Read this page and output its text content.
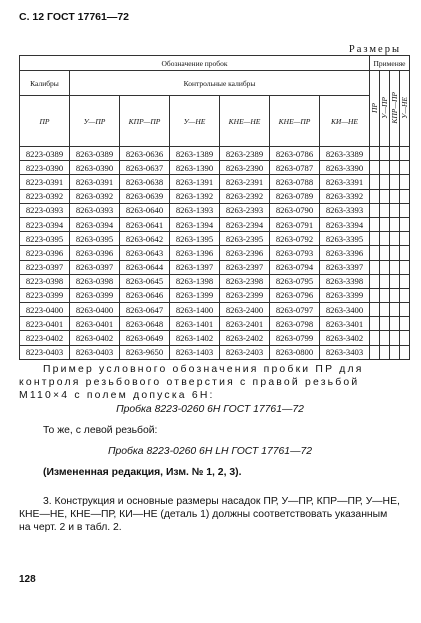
С. 12 ГОСТ 17761—72
Размеры
Обозначение пробок							Применяе			
Калибры	Контрольные калибры						ПР	У—ПР	КПР—ПР	У—НЕ
ПР	У—ПР	КПР—ПР	У—НЕ	КНЕ—НЕ	КНЕ—ПР	КИ—НЕ				
8223-0389	8263-0389	8263-0636	8263-1389	8263-2389	8263-0786	8263-3389				
8223-0390	8263-0390	8263-0637	8263-1390	8263-2390	8263-0787	8263-3390				
8223-0391	8263-0391	8263-0638	8263-1391	8263-2391	8263-0788	8263-3391				
8223-0392	8263-0392	8263-0639	8263-1392	8263-2392	8263-0789	8263-3392				
8223-0393	8263-0393	8263-0640	8263-1393	8263-2393	8263-0790	8263-3393				
8223-0394	8263-0394	8263-0641	8263-1394	8263-2394	8263-0791	8263-3394				
8223-0395	8263-0395	8263-0642	8263-1395	8263-2395	8263-0792	8263-3395				
8223-0396	8263-0396	8263-0643	8263-1396	8263-2396	8263-0793	8263-3396				
8223-0397	8263-0397	8263-0644	8263-1397	8263-2397	8263-0794	8263-3397				
8223-0398	8263-0398	8263-0645	8263-1398	8263-2398	8263-0795	8263-3398				
8223-0399	8263-0399	8263-0646	8263-1399	8263-2399	8263-0796	8263-3399				
8223-0400	8263-0400	8263-0647	8263-1400	8263-2400	8263-0797	8263-3400				
8223-0401	8263-0401	8263-0648	8263-1401	8263-2401	8263-0798	8263-3401				
8223-0402	8263-0402	8263-0649	8263-1402	8263-2402	8263-0799	8263-3402				
8223-0403	8263-0403	8263-9650	8263-1403	8263-2403	8263-0800	8263-3403				

Пример условного обозначения пробки ПР для контроля резьбового отверстия с правой резьбой М110×4 с полем допуска 6Н:

Пробка 8223-0260 6Н ГОСТ 17761—72

То же, с левой резьбой:

Пробка 8223-0260 6Н LН ГОСТ 17761—72

(Измененная редакция, Изм. № 1, 2, 3).

3. Конструкция и основные размеры насадок ПР, У—ПР, КПР—ПР, У—НЕ, КНЕ—НЕ, КНЕ—ПР, КИ—НЕ (деталь 1) должны соответствовать указанным на черт. 2 и в табл. 2.

128
